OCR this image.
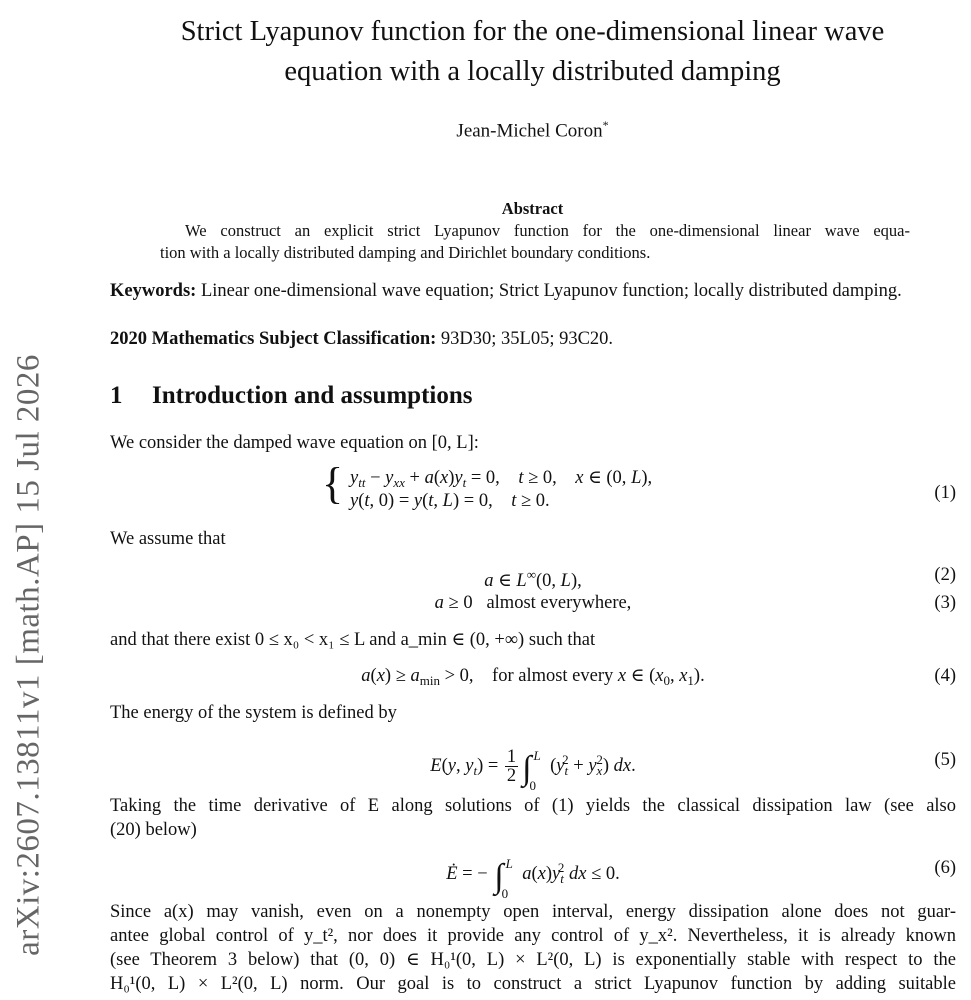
arXiv:2607.13811v1 [math.AP] 15 Jul 2026
Strict Lyapunov function for the one-dimensional linear wave
equation with a locally distributed damping
Jean-Michel Coron*
Abstract
We construct an explicit strict Lyapunov function for the one-dimensional linear wave equa-
tion with a locally distributed damping and Dirichlet boundary conditions.
Keywords: Linear one-dimensional wave equation; Strict Lyapunov function; locally distributed damping.
2020 Mathematics Subject Classification: 93D30; 35L05; 93C20.
1 Introduction and assumptions
We consider the damped wave equation on [0, L]:
{ $y_{tt} - y_{xx} + a(x)y_t = 0$,    t ≥ 0,    x ∈ (0, L),
y(t, 0) = y(t, L) = 0,    t ≥ 0.	(1)
We assume that
a ∈ L∞(0, L),	(2)
a ≥ 0   almost everywhere,	(3)
and that there exist 0 ≤ x₀ < x₁ ≤ L and a_min ∈ (0, +∞) such that
$a(x) \ge a_{min} > 0$,    for almost every x ∈ ($x_0$, $x_1$).	(4)
The energy of the system is defined by
E(y, $y_t) = \frac{1}{2}$ ∫ L
0
$(y_t^2 + y_x^2)$ dx.	(5)
Taking the time derivative of E along solutions of (1) yields the classical dissipation law (see also
(20) below)
Ė = − ∫ L
0
$a(x)y_t^2$ dx ≤ 0.	(6)
Since a(x) may vanish, even on a nonempty open interval, energy dissipation alone does not guar-
antee global control of y_t², nor does it provide any control of y_x². Nevertheless, it is already known
(see Theorem 3 below) that (0, 0) ∈ H₀¹(0, L) × L²(0, L) is exponentially stable with respect to the
H₀¹(0, L) × L²(0, L) norm. Our goal is to construct a strict Lyapunov function by adding suitable
